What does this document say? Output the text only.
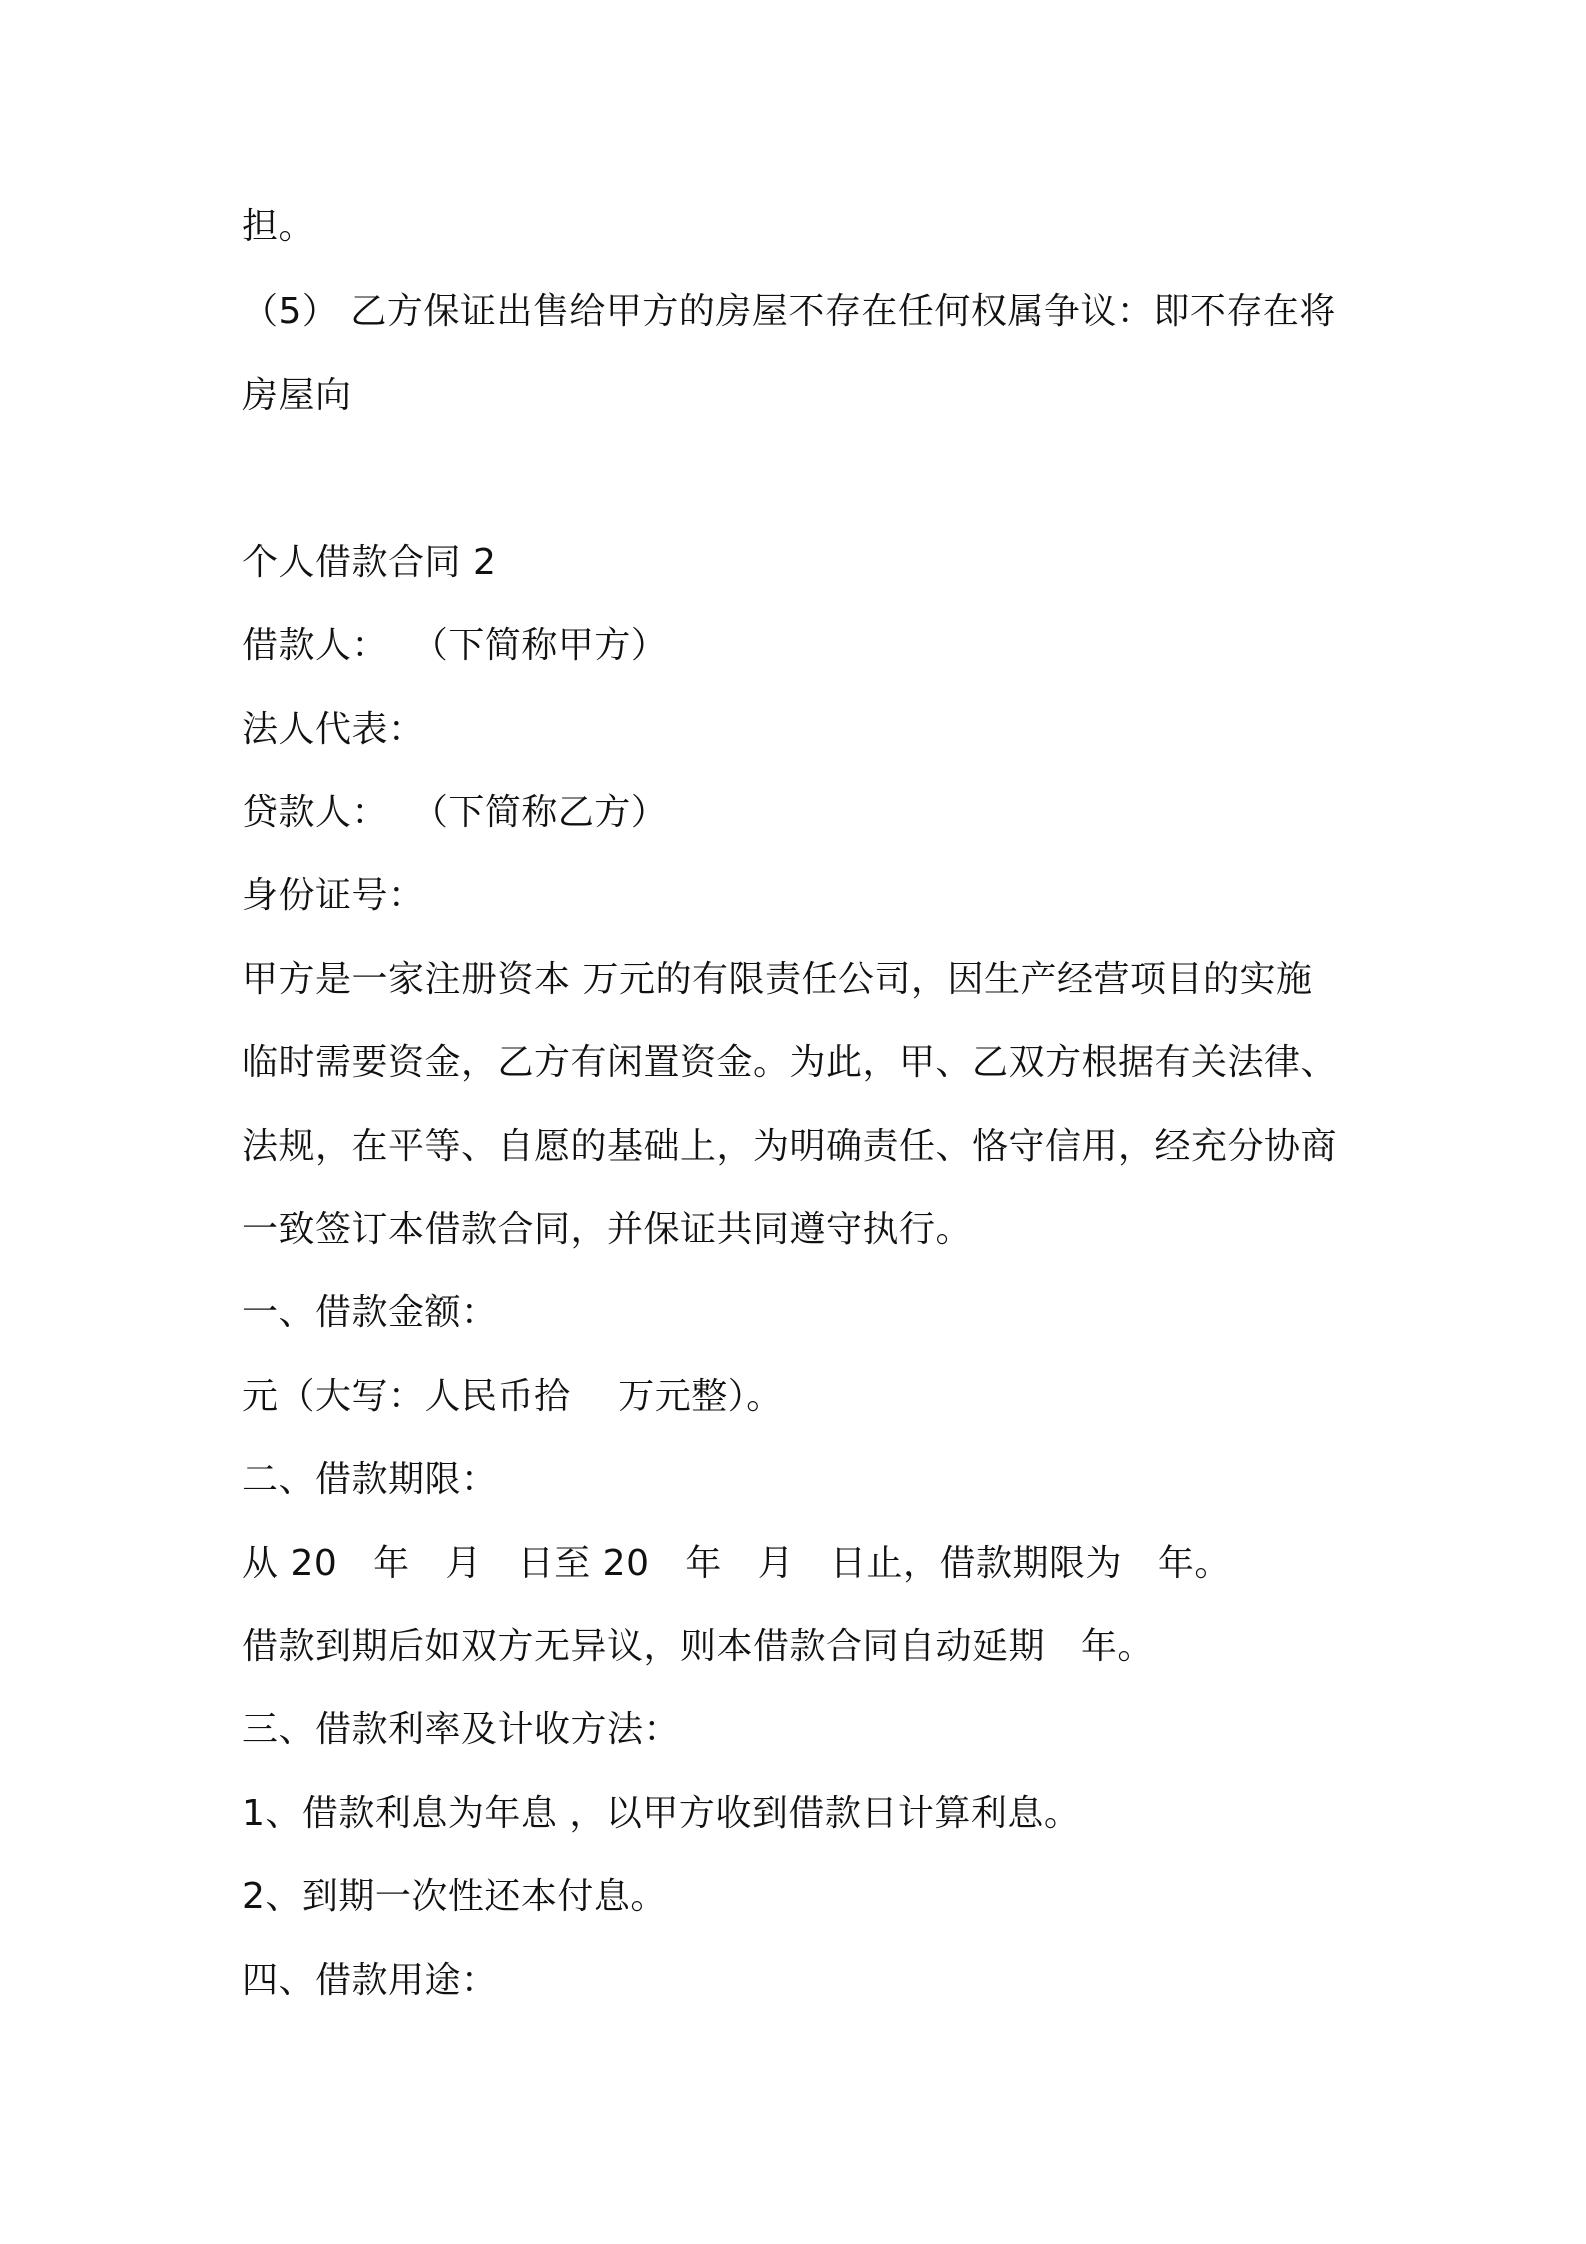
担。
（5） 乙方保证出售给甲方的房屋不存在任何权属争议：即不存在将
房屋向
个人借款合同 2
借款人：  （下简称甲方）
法人代表：
贷款人：  （下简称乙方）
身份证号：
甲方是一家注册资本 万元的有限责任公司，因生产经营项目的实施
临时需要资金，乙方有闲置资金。为此，甲、乙双方根据有关法律、
法规，在平等、自愿的基础上，为明确责任、恪守信用，经充分协商
一致签订本借款合同，并保证共同遵守执行。
一、借款金额：
元（大写：人民币拾    万元整）。
二、借款期限：
从 20   年   月   日至 20   年   月   日止，借款期限为   年。
借款到期后如双方无异议，则本借款合同自动延期   年。
三、借款利率及计收方法：
1、借款利息为年息 ，以甲方收到借款日计算利息。
2、到期一次性还本付息。
四、借款用途：
